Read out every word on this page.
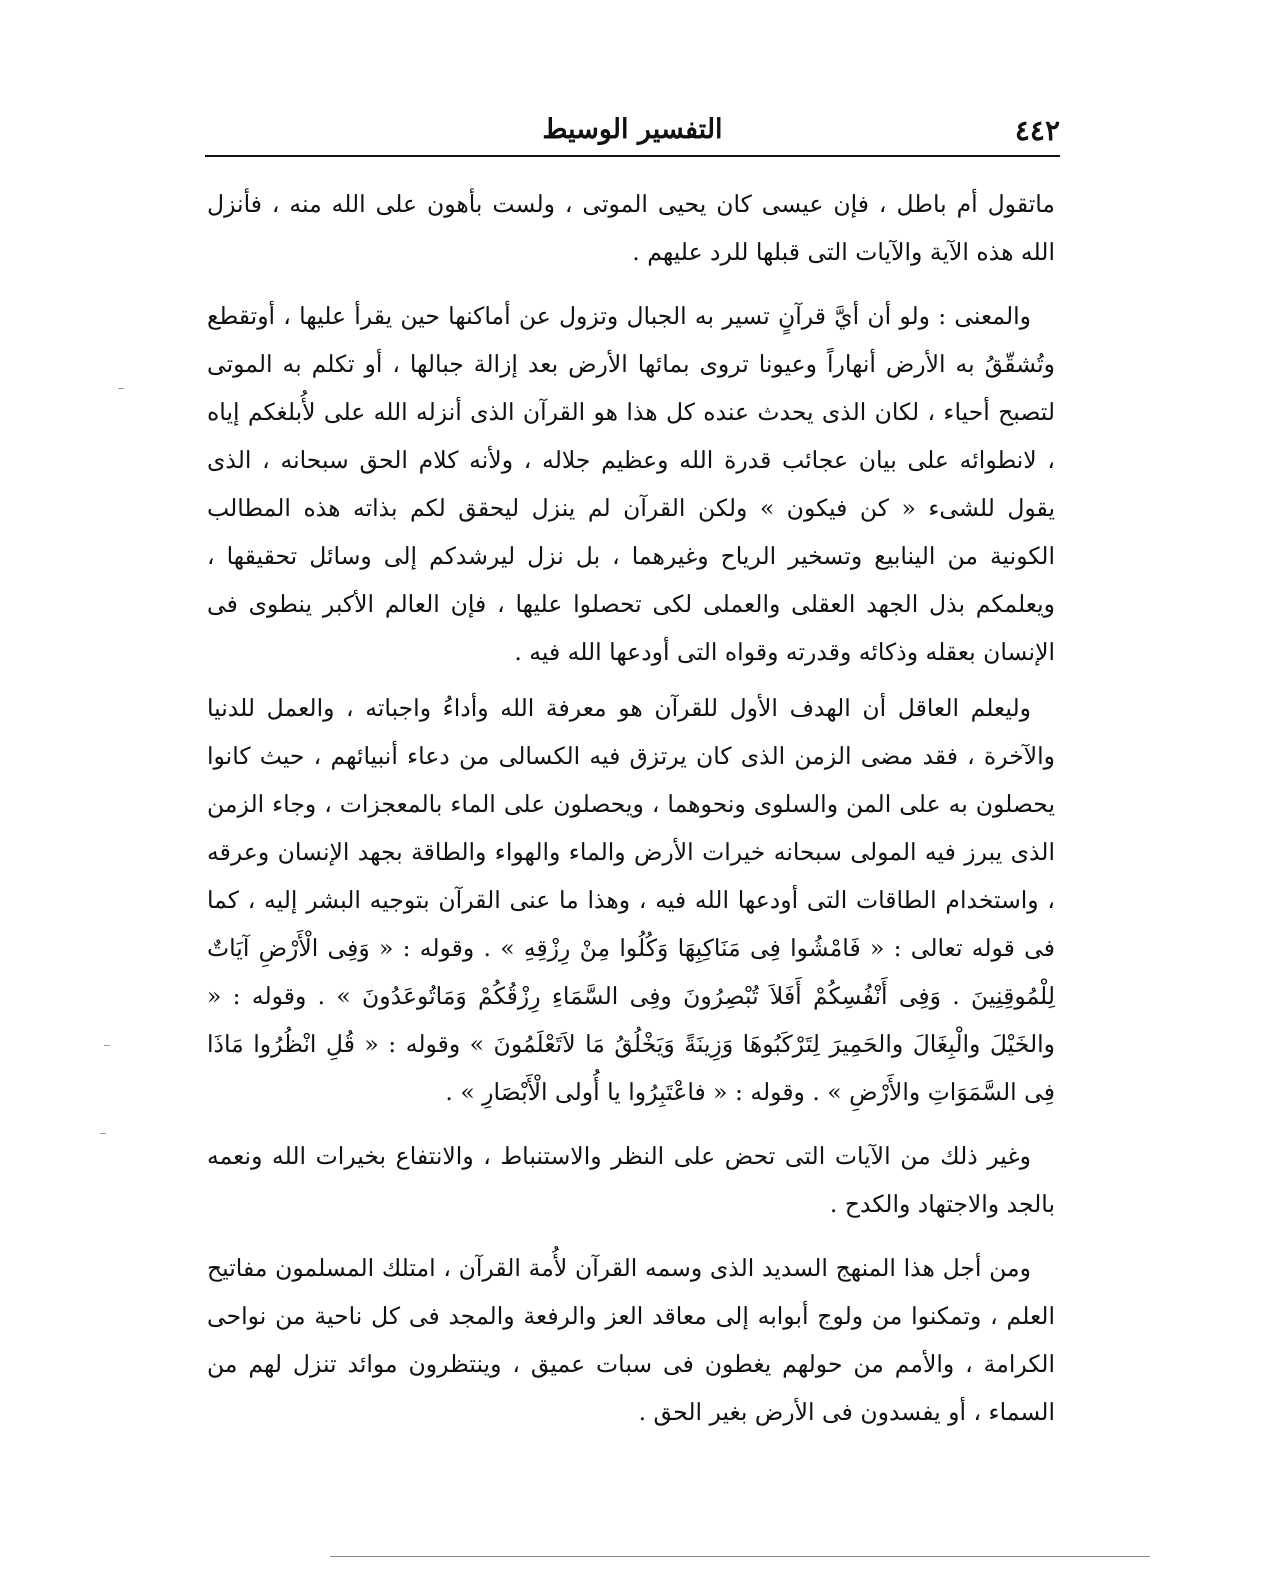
٤٤٢
التفسير الوسيط

ماتقول أم باطل ، فإن عيسى كان يحيى الموتى ، ولست بأهون على الله منه ، فأنزل الله هذه الآية والآيات التى قبلها للرد عليهم .

والمعنى : ولو أن أيَّ قرآنٍ تسير به الجبال وتزول عن أماكنها حين يقرأ عليها ، أوتقطع وتُشقّقُ به الأرض أنهاراً وعيونا تروى بمائها الأرض بعد إزالة جبالها ، أو تكلم به الموتى لتصبح أحياء ، لكان الذى يحدث عنده كل هذا هو القرآن الذى أنزله الله على لأُبلغكم إياه ، لانطوائه على بيان عجائب قدرة الله وعظيم جلاله ، ولأنه كلام الحق سبحانه ، الذى يقول للشىء « كن فيكون » ولكن القرآن لم ينزل ليحقق لكم بذاته هذه المطالب الكونية من الينابيع وتسخير الرياح وغيرهما ، بل نزل ليرشدكم إلى وسائل تحقيقها ، ويعلمكم بذل الجهد العقلى والعملى لكى تحصلوا عليها ، فإن العالم الأكبر ينطوى فى الإنسان بعقله وذكائه وقدرته وقواه التى أودعها الله فيه .

وليعلم العاقل أن الهدف الأول للقرآن هو معرفة الله وأداءُ واجباته ، والعمل للدنيا والآخرة ، فقد مضى الزمن الذى كان يرتزق فيه الكسالى من دعاء أنبيائهم ، حيث كانوا يحصلون به على المن والسلوى ونحوهما ، ويحصلون على الماء بالمعجزات ، وجاء الزمن الذى يبرز فيه المولى سبحانه خيرات الأرض والماء والهواء والطاقة بجهد الإنسان وعرقه ، واستخدام الطاقات التى أودعها الله فيه ، وهذا ما عنى القرآن بتوجيه البشر إليه ، كما فى قوله تعالى : « فَامْشُوا فِى مَنَاكِبِهَا وَكُلُوا مِنْ رِزْقِهِ » . وقوله : « وَفِى الْأَرْضِ آيَاتٌ لِلْمُوقِنِينَ . وَفِى أَنْفُسِكُمْ أَفَلاَ تُبْصِرُونَ وفِى السَّمَاءِ رِزْقُكُمْ وَمَاتُوعَدُونَ » . وقوله : « والخَيْلَ والْبِغَالَ والحَمِيرَ لِتَرْكَبُوهَا وَزِينَةً وَيَخْلُقُ مَا لاَتَعْلَمُونَ » وقوله : « قُلِ انْظُرُوا مَاذَا فِى السَّمَوَاتِ والأَرْضِ » . وقوله : « فاعْتَبِرُوا يا أُولى الْأَبْصَارِ » .

وغير ذلك من الآيات التى تحض على النظر والاستنباط ، والانتفاع بخيرات الله ونعمه بالجد والاجتهاد والكدح .

ومن أجل هذا المنهج السديد الذى وسمه القرآن لأُمة القرآن ، امتلك المسلمون مفاتيح العلم ، وتمكنوا من ولوج أبوابه إلى معاقد العز والرفعة والمجد فى كل ناحية من نواحى الكرامة ، والأمم من حولهم يغطون فى سبات عميق ، وينتظرون موائد تنزل لهم من السماء ، أو يفسدون فى الأرض بغير الحق .
